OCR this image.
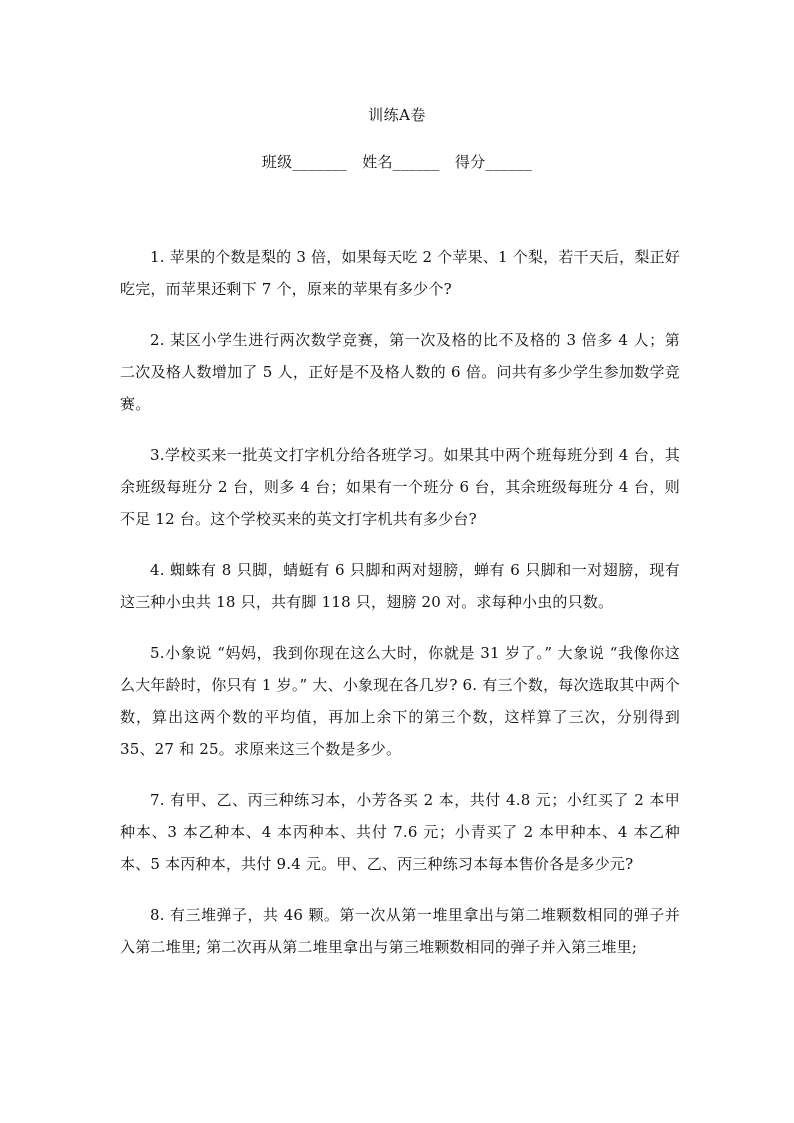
训练A卷
班级_______ 姓名______ 得分______

1. 苹果的个数是梨的 3 倍，如果每天吃 2 个苹果、1 个梨，若干天后，梨正好吃完，而苹果还剩下 7 个，原来的苹果有多少个?

2. 某区小学生进行两次数学竞赛，第一次及格的比不及格的 3 倍多 4 人；第二次及格人数增加了 5 人，正好是不及格人数的 6 倍。问共有多少学生参加数学竞赛。

3.学校买来一批英文打字机分给各班学习。如果其中两个班每班分到 4 台，其余班级每班分 2 台，则多 4 台；如果有一个班分 6 台，其余班级每班分 4 台，则不足 12 台。这个学校买来的英文打字机共有多少台?

4. 蜘蛛有 8 只脚，蜻蜓有 6 只脚和两对翅膀，蝉有 6 只脚和一对翅膀，现有这三种小虫共 18 只，共有脚 118 只，翅膀 20 对。求每种小虫的只数。

5.小象说 “妈妈，我到你现在这么大时，你就是 31 岁了。” 大象说 “我像你这么大年龄时，你只有 1 岁。” 大、小象现在各几岁? 6. 有三个数，每次选取其中两个数，算出这两个数的平均值，再加上余下的第三个数，这样算了三次，分别得到 35、27 和 25。求原来这三个数是多少。

7. 有甲、乙、丙三种练习本，小芳各买 2 本，共付 4.8 元；小红买了 2 本甲种本、3 本乙种本、4 本丙种本、共付 7.6 元；小青买了 2 本甲种本、4 本乙种本、5 本丙种本，共付 9.4 元。甲、乙、丙三种练习本每本售价各是多少元?

8. 有三堆弹子，共 46 颗。第一次从第一堆里拿出与第二堆颗数相同的弹子并入第二堆里; 第二次再从第二堆里拿出与第三堆颗数相同的弹子并入第三堆里;
